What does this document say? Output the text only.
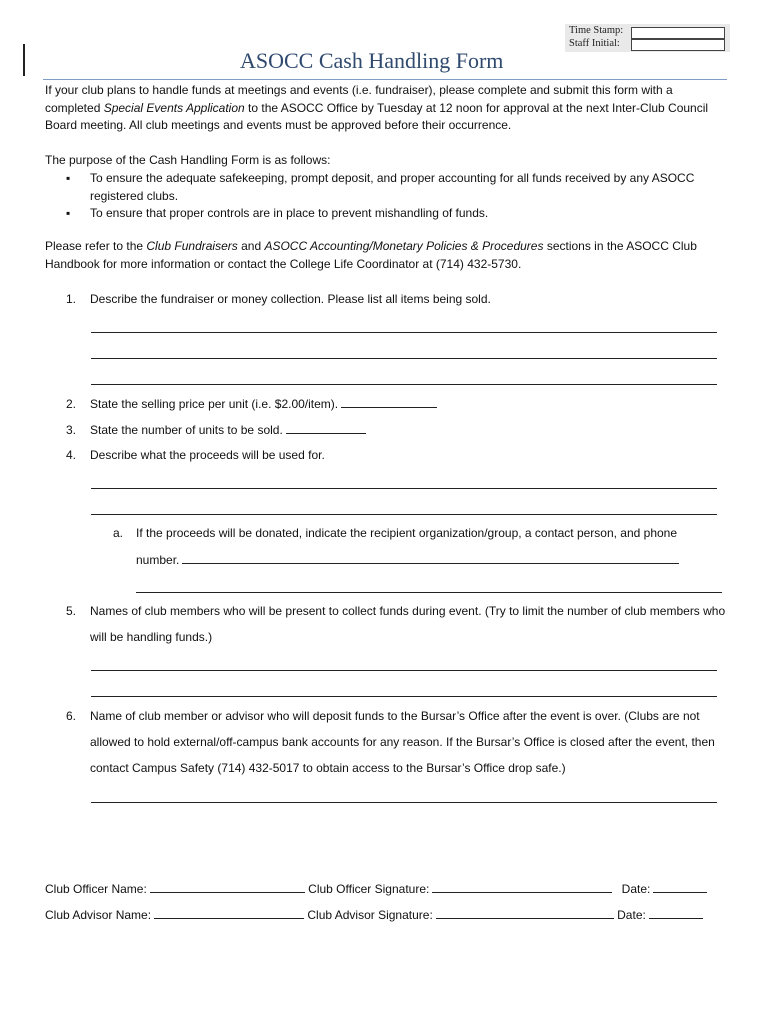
Time Stamp:
Staff Initial:
ASOCC Cash Handling Form

If your club plans to handle funds at meetings and events (i.e. fundraiser), please complete and submit this form with a completed Special Events Application to the ASOCC Office by Tuesday at 12 noon for approval at the next Inter-Club Council Board meeting. All club meetings and events must be approved before their occurrence.

The purpose of the Cash Handling Form is as follows:

▪ To ensure the adequate safekeeping, prompt deposit, and proper accounting for all funds received by any ASOCC registered clubs.
▪ To ensure that proper controls are in place to prevent mishandling of funds.

Please refer to the Club Fundraisers and ASOCC Accounting/Monetary Policies & Procedures sections in the ASOCC Club Handbook for more information or contact the College Life Coordinator at (714) 432-5730.

1. Describe the fundraiser or money collection. Please list all items being sold.

2. State the selling price per unit (i.e. $2.00/item).

3. State the number of units to be sold.

4. Describe what the proceeds will be used for.

a. If the proceeds will be donated, indicate the recipient organization/group, a contact person, and phone

number.

5. Names of club members who will be present to collect funds during event. (Try to limit the number of club members who will be handling funds.)

6. Name of club member or advisor who will deposit funds to the Bursar’s Office after the event is over. (Clubs are not allowed to hold external/off-campus bank accounts for any reason. If the Bursar’s Office is closed after the event, then contact Campus Safety (714) 432-5017 to obtain access to the Bursar’s Office drop safe.)

Club Officer Name:	Club Officer Signature:	Date:
Club Advisor Name:	Club Advisor Signature:	Date:
